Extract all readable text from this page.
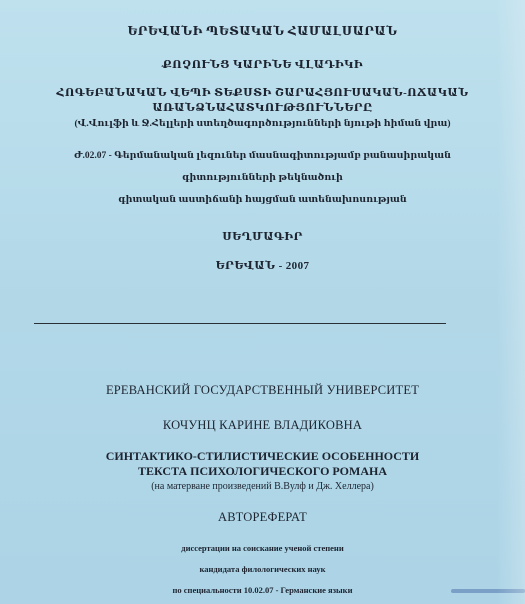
ԵՐԵՎԱՆԻ ՊԵՏԱԿԱՆ ՀԱՄԱԼՍԱՐԱՆ
ՔՈՉՈՒՆՑ ԿԱՐԻՆԵ ՎԼԱԴԻԿԻ
ՀՈԳԵԲԱՆԱԿԱՆ ՎԵՊԻ ՏԵՔՍՏԻ ՇԱՐԱՀՅՈՒՍԱԿԱՆ-ՈՃԱԿԱՆ
ԱՌԱՆՁՆԱՀԱՏԿՈՒԹՅՈՒՆՆԵՐԸ
(Վ.Վուլֆի և Ջ.Հելլերի ստեղծագործությունների նյութի հիման վրա)
Ժ.02.07 - Գերմանական լեզուներ մասնագիտությամբ բանասիրական
գիտությունների թեկնածուի
գիտական աստիճանի հայցման ատենախոսության
ՍԵՂՄԱԳԻՐ
ԵՐԵՎԱՆ - 2007
ЕРЕВАНСКИЙ ГОСУДАРСТВЕННЫЙ УНИВЕРСИТЕТ
КОЧУНЦ КАРИНЕ ВЛАДИКОВНА
СИНТАКТИКО-СТИЛИСТИЧЕСКИЕ ОСОБЕННОСТИ
ТЕКСТА ПСИХОЛОГИЧЕСКОГО РОМАНА
(на матерване произведений В.Вулф и Дж. Хеллера)
АВТОРЕФЕРАТ
диссертации на соискание ученой степени
кандидата филологических наук
по специальности 10.02.07 - Германские языки
